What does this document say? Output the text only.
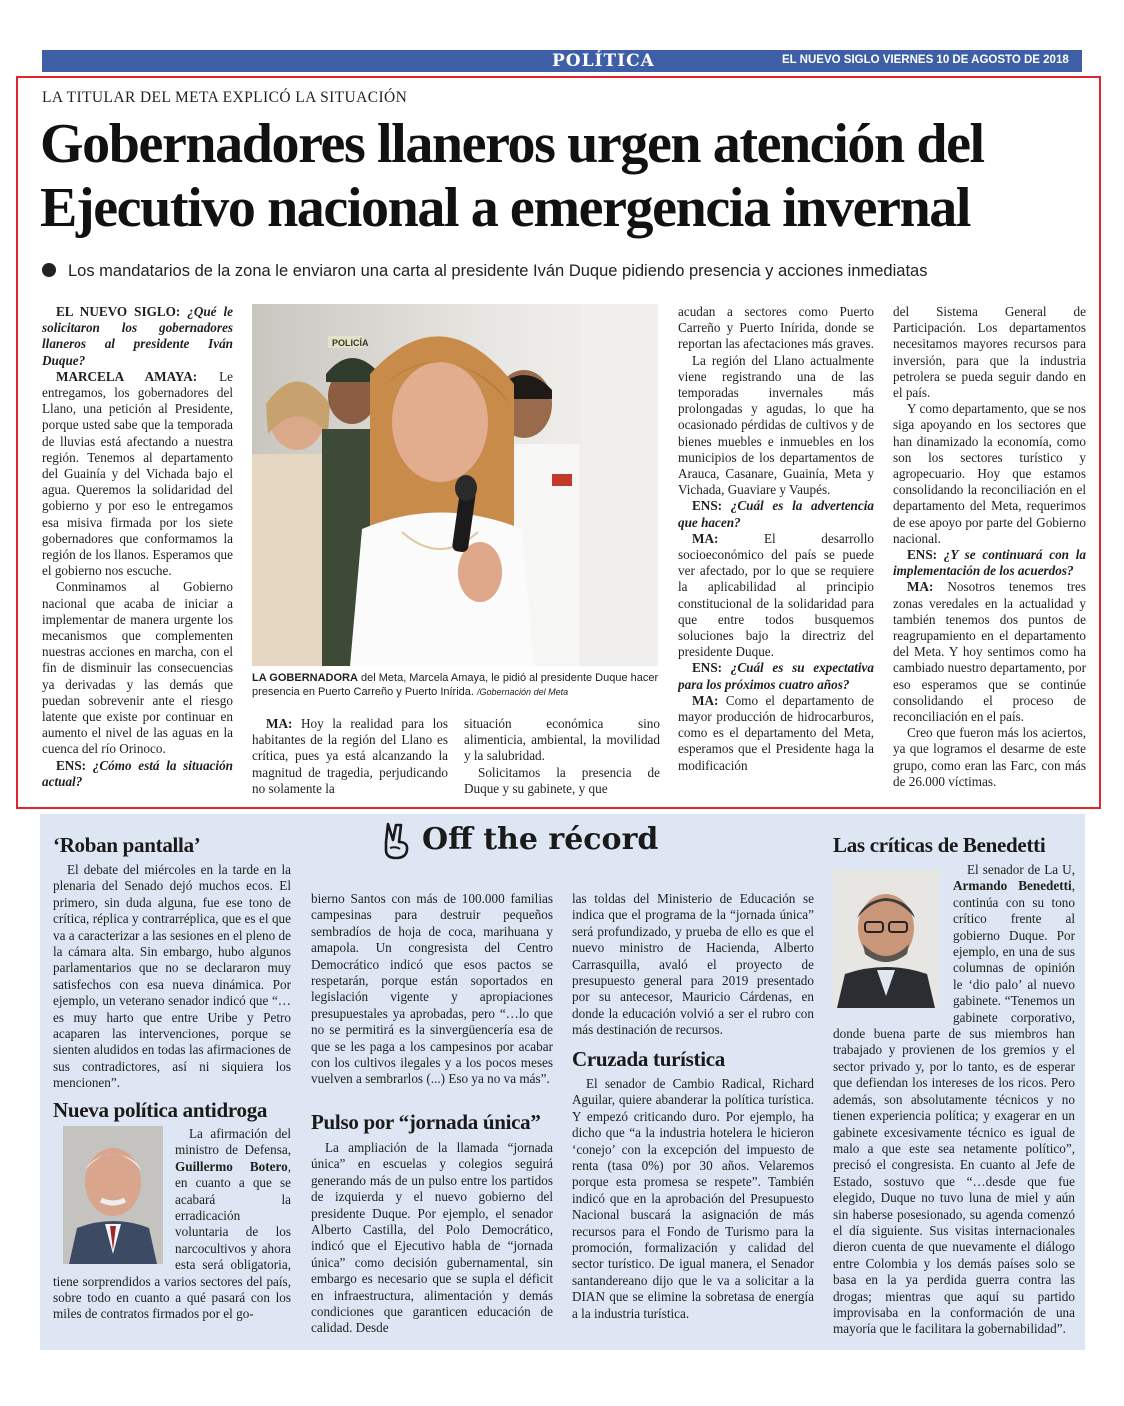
POLÍTICA	EL NUEVO SIGLO VIERNES 10 DE AGOSTO DE 2018 11A
LA TITULAR DEL META EXPLICÓ LA SITUACIÓN
Gobernadores llaneros urgen atención del
Ejecutivo nacional a emergencia invernal
Los mandatarios de la zona le enviaron una carta al presidente Iván Duque pidiendo presencia y acciones inmediatas

EL NUEVO SIGLO: ¿Qué le solicitaron los gobernadores llaneros al presidente Iván Duque?

MARCELA AMAYA: Le entregamos, los gobernadores del Llano, una petición al Presidente, porque usted sabe que la temporada de lluvias está afectando a nuestra región. Tenemos al departamento del Guainía y del Vichada bajo el agua. Queremos la solidaridad del gobierno y por eso le entregamos esa misiva firmada por los siete gobernadores que conformamos la región de los llanos. Esperamos que el gobierno nos escuche.

Conminamos al Gobierno nacional que acaba de iniciar a implementar de manera urgente los mecanismos que complementen nuestras acciones en marcha, con el fin de disminuir las consecuencias ya derivadas y las demás que puedan sobrevenir ante el riesgo latente que existe por continuar en aumento el nivel de las aguas en la cuenca del río Orinoco.

ENS: ¿Cómo está la situación actual?

POLICÍA
LA GOBERNADORA del Meta, Marcela Amaya, le pidió al presidente Duque hacer presencia en Puerto Carreño y Puerto Inírida. /Gobernación del Meta

MA: Hoy la realidad para los habitantes de la región del Llano es crítica, pues ya está alcanzando la magnitud de tragedia, perjudicando no solamente la

situación económica sino alimenticia, ambiental, la movilidad y la salubridad.

Solicitamos la presencia de Duque y su gabinete, y que

acudan a sectores como Puerto Carreño y Puerto Inírida, donde se reportan las afectaciones más graves.

La región del Llano actualmente viene registrando una de las temporadas invernales más prolongadas y agudas, lo que ha ocasionado pérdidas de cultivos y de bienes muebles e inmuebles en los municipios de los departamentos de Arauca, Casanare, Guainía, Meta y Vichada, Guaviare y Vaupés.

ENS: ¿Cuál es la advertencia que hacen?

MA:	El desarrollo socioeconómico del país se puede ver afectado, por lo que se requiere la aplicabilidad al principio constitucional de la solidaridad para que entre todos busquemos soluciones bajo la directriz del presidente Duque.

ENS: ¿Cuál es su expectativa para los próximos cuatro años?

MA: Como el departamento de mayor producción de hidrocarburos, como es el departamento del Meta, esperamos que el Presidente haga la modificación

del Sistema General de Participación. Los departamentos necesitamos mayores recursos para inversión, para que la industria petrolera se pueda seguir dando en el país.

Y como departamento, que se nos siga apoyando en los sectores que han dinamizado la economía, como son los sectores turístico y agropecuario. Hoy que estamos consolidando la reconciliación en el departamento del Meta, requerimos de ese apoyo por parte del Gobierno nacional.

ENS: ¿Y se continuará con la implementación de los acuerdos?

MA: Nosotros tenemos tres zonas veredales en la actualidad y también tenemos dos puntos de reagrupamiento en el departamento del Meta. Y hoy sentimos como ha cambiado nuestro departamento, por eso esperamos que se continúe consolidando el proceso de reconciliación en el país.

Creo que fueron más los aciertos, ya que logramos el desarme de este grupo, como eran las Farc, con más de 26.000 víctimas.

Off the récord
‘Roban pantalla’

El debate del miércoles en la tarde en la plenaria del Senado dejó muchos ecos. El primero, sin duda alguna, fue ese tono de crítica, réplica y contrarréplica, que es el que va a caracterizar a las sesiones en el pleno de la cámara alta. Sin embargo, hubo algunos parlamentarios que no se declararon muy satisfechos con esa nueva dinámica. Por ejemplo, un veterano senador indicó que “…es muy harto que entre Uribe y Petro acaparen las intervenciones, porque se sienten aludidos en todas las afirmaciones de sus contradictores, así ni siquiera los mencionen”.

Nueva política antidroga

La afirmación del ministro de Defensa, Guillermo Botero, en cuanto a que se acabará la erradicación voluntaria de los narcocultivos y ahora esta será obligatoria, tiene sorprendidos a varios sectores del país, sobre todo en cuanto a qué pasará con los miles de contratos firmados por el go-

bierno Santos con más de 100.000 familias campesinas para destruir pequeños sembradíos de hoja de coca, marihuana y amapola. Un congresista del Centro Democrático indicó que esos pactos se respetarán, porque están soportados en legislación vigente y apropiaciones presupuestales ya aprobadas, pero “…lo que no se permitirá es la sinvergüencería esa de que se les paga a los campesinos por acabar con los cultivos ilegales y a los pocos meses vuelven a sembrarlos (...) Eso ya no va más”.

Pulso por “jornada única”

La ampliación de la llamada “jornada única” en escuelas y colegios seguirá generando más de un pulso entre los partidos de izquierda y el nuevo gobierno del presidente Duque. Por ejemplo, el senador Alberto Castilla, del Polo Democrático, indicó que el Ejecutivo habla de “jornada única” como decisión gubernamental, sin embargo es necesario que se supla el déficit en infraestructura, alimentación y demás condiciones que garanticen educación de calidad. Desde

las toldas del Ministerio de Educación se indica que el programa de la “jornada única” será profundizado, y prueba de ello es que el nuevo ministro de Hacienda, Alberto Carrasquilla, avaló el proyecto de presupuesto general para 2019 presentado por su antecesor, Mauricio Cárdenas, en donde la educación volvió a ser el rubro con más destinación de recursos.

Cruzada turística

El senador de Cambio Radical, Richard Aguilar, quiere abanderar la política turística. Y empezó criticando duro. Por ejemplo, ha dicho que “a la industria hotelera le hicieron ‘conejo’ con la excepción del impuesto de renta (tasa 0%) por 30 años. Velaremos porque esta promesa se respete”. También indicó que en la aprobación del Presupuesto Nacional buscará la asignación de más recursos para el Fondo de Turismo para la promoción, formalización y calidad del sector turístico. De igual manera, el Senador santandereano dijo que le va a solicitar a la DIAN que se elimine la sobretasa de energía a la industria turística.

Las críticas de Benedetti

El senador de La U, Armando Benedetti, continúa con su tono crítico frente al gobierno Duque. Por ejemplo, en una de sus columnas de opinión le ‘dio palo’ al nuevo gabinete. “Tenemos un gabinete corporativo, donde buena parte de sus miembros han trabajado y provienen de los gremios y el sector privado y, por lo tanto, es de esperar que defiendan los intereses de los ricos. Pero además, son absolutamente técnicos y no tienen experiencia política; y exagerar en un gabinete excesivamente técnico es igual de malo a que este sea netamente político”, precisó el congresista. En cuanto al Jefe de Estado, sostuvo que “…desde que fue elegido, Duque no tuvo luna de miel y aún sin haberse posesionado, su agenda comenzó el día siguiente. Sus visitas internacionales dieron cuenta de que nuevamente el diálogo entre Colombia y los demás países solo se basa en la ya perdida guerra contra las drogas; mientras que aquí su partido improvisaba en la conformación de una mayoría que le facilitara la gobernabilidad”.
